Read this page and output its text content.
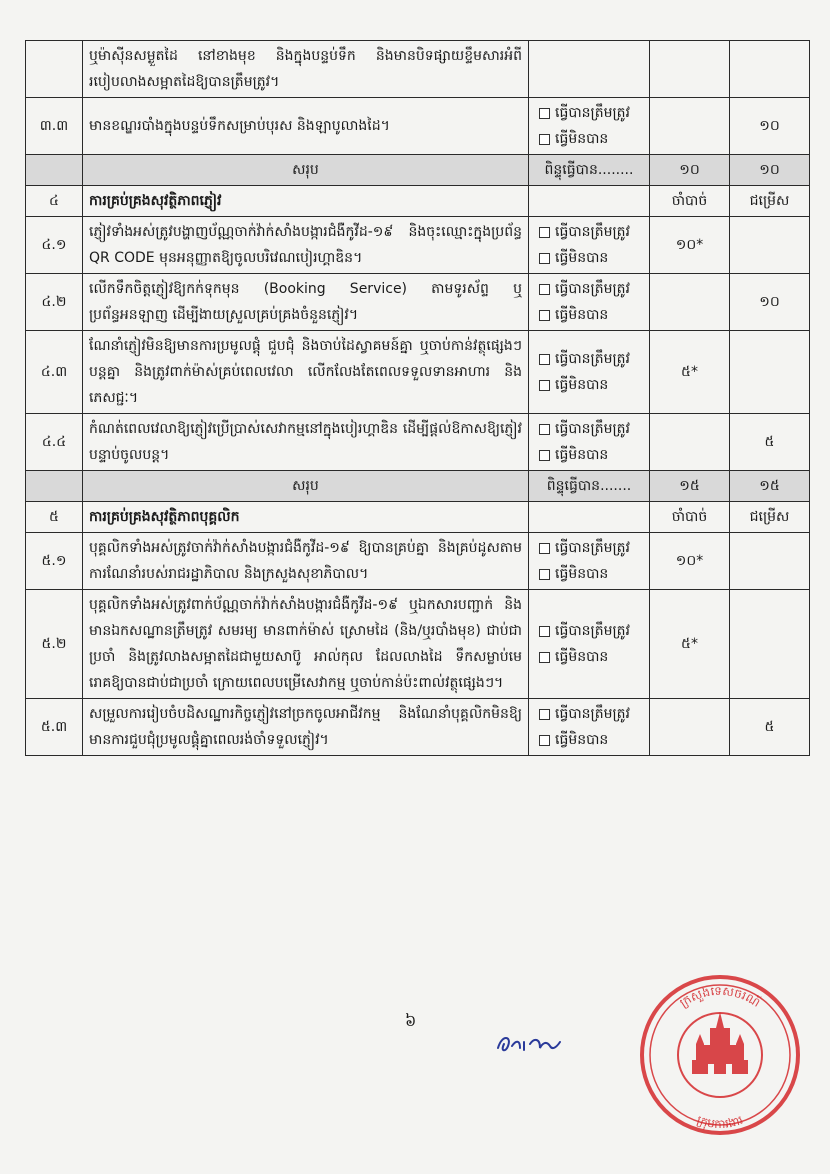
	ឬម៉ាស៊ីនសម្ងួតដៃ នៅខាងមុខ និងក្នុងបន្ទប់ទឹក និងមានបិទផ្សាយខ្ទឹមសារអំពីរបៀបលាងសម្អាតដៃឱ្យបានត្រឹមត្រូវ។			
៣.៣	មានខណ្ឌរបាំងក្នុងបន្ទប់ទឹកសម្រាប់បុរស និងឡាបូលាងដៃ។	ធ្វើបានត្រឹមត្រូវ
ធ្វើមិនបាន		១០
	សរុប	ពិន្ទុធ្វើបាន........	១០	១០
៤	ការគ្រប់គ្រងសុវត្ថិភាពភ្ញៀវ		ចាំបាច់	ជម្រើស
៤.១	ភ្ញៀវទាំងអស់ត្រូវបង្ហាញប័ណ្ណចាក់វ៉ាក់សាំងបង្ការជំងឺកូវីដ-១៩ និងចុះឈ្មោះក្នុងប្រព័ន្ធ QR CODE មុនអនុញ្ញាតឱ្យចូលបរិវេណបៀរហ្គាឌិន។	ធ្វើបានត្រឹមត្រូវ
ធ្វើមិនបាន	១០*	
៤.២	លើកទឹកចិត្តភ្ញៀវឱ្យកក់ទុកមុន (Booking Service) តាមទូរស័ព្ទ ឬប្រព័ន្ធអនឡាញ ដើម្បីងាយស្រួលគ្រប់គ្រងចំនួនភ្ញៀវ។	ធ្វើបានត្រឹមត្រូវ
ធ្វើមិនបាន		១០
៤.៣	ណែនាំភ្ញៀវមិនឱ្យមានការប្រមូលផ្តុំ ជួបជុំ និងចាប់ដៃស្វាគមន៍គ្នា ឬចាប់កាន់វត្ថុផ្សេងៗបន្តគ្នា និងត្រូវពាក់ម៉ាស់គ្រប់ពេលវេលា លើកលែងតែពេលទទួលទានអាហារ និងភេសជ្ជៈ។	ធ្វើបានត្រឹមត្រូវ
ធ្វើមិនបាន	៥*	
៤.៤	កំណត់ពេលវេលាឱ្យភ្ញៀវប្រើប្រាស់សេវាកម្មនៅក្នុងបៀរហ្គាឌិន ដើម្បីផ្តល់ឱកាសឱ្យភ្ញៀវបន្ទាប់ចូលបន្ត។	ធ្វើបានត្រឹមត្រូវ
ធ្វើមិនបាន		៥
	សរុប	ពិន្ទុធ្វើបាន.......	១៥	១៥
៥	ការគ្រប់គ្រងសុវត្ថិភាពបុគ្គលិក		ចាំបាច់	ជម្រើស
៥.១	បុគ្គលិកទាំងអស់ត្រូវចាក់វ៉ាក់សាំងបង្ការជំងឺកូវីដ-១៩ ឱ្យបានគ្រប់គ្នា និងគ្រប់ដូសតាមការណែនាំរបស់រាជរដ្ឋាភិបាល និងក្រសួងសុខាភិបាល។	ធ្វើបានត្រឹមត្រូវ
ធ្វើមិនបាន	១០*	
៥.២	បុគ្គលិកទាំងអស់ត្រូវពាក់ប័ណ្ណចាក់វ៉ាក់សាំងបង្ការជំងឺកូវីដ-១៩ ឬឯកសារបញ្ជាក់ និងមានឯកសណ្ឋានត្រឹមត្រូវ សមរម្យ មានពាក់ម៉ាស់ ស្រោមដៃ (និង/ឬរបាំងមុខ) ជាប់ជាប្រចាំ និងត្រូវលាងសម្អាតដៃជាមួយសាប៊ូ អាល់កុល ដែលលាងដៃ ទឹកសម្លាប់មេរោគឱ្យបានជាប់ជាប្រចាំ ក្រោយពេលបម្រើសេវាកម្ម ឬចាប់កាន់ប៉ះពាល់វត្ថុផ្សេងៗ។	ធ្វើបានត្រឹមត្រូវ
ធ្វើមិនបាន	៥*	
៥.៣	សម្រួលការរៀបចំបដិសណ្ឋារកិច្ចភ្ញៀវនៅច្រកចូលអាជីវកម្ម និងណែនាំបុគ្គលិកមិនឱ្យមានការជួបជុំប្រមូលផ្តុំគ្នាពេលរង់ចាំទទួលភ្ញៀវ។	ធ្វើបានត្រឹមត្រូវ
ធ្វើមិនបាន		៥
៦
ក្រសួងទេសចរណ៍
ក្រុមការងារ
